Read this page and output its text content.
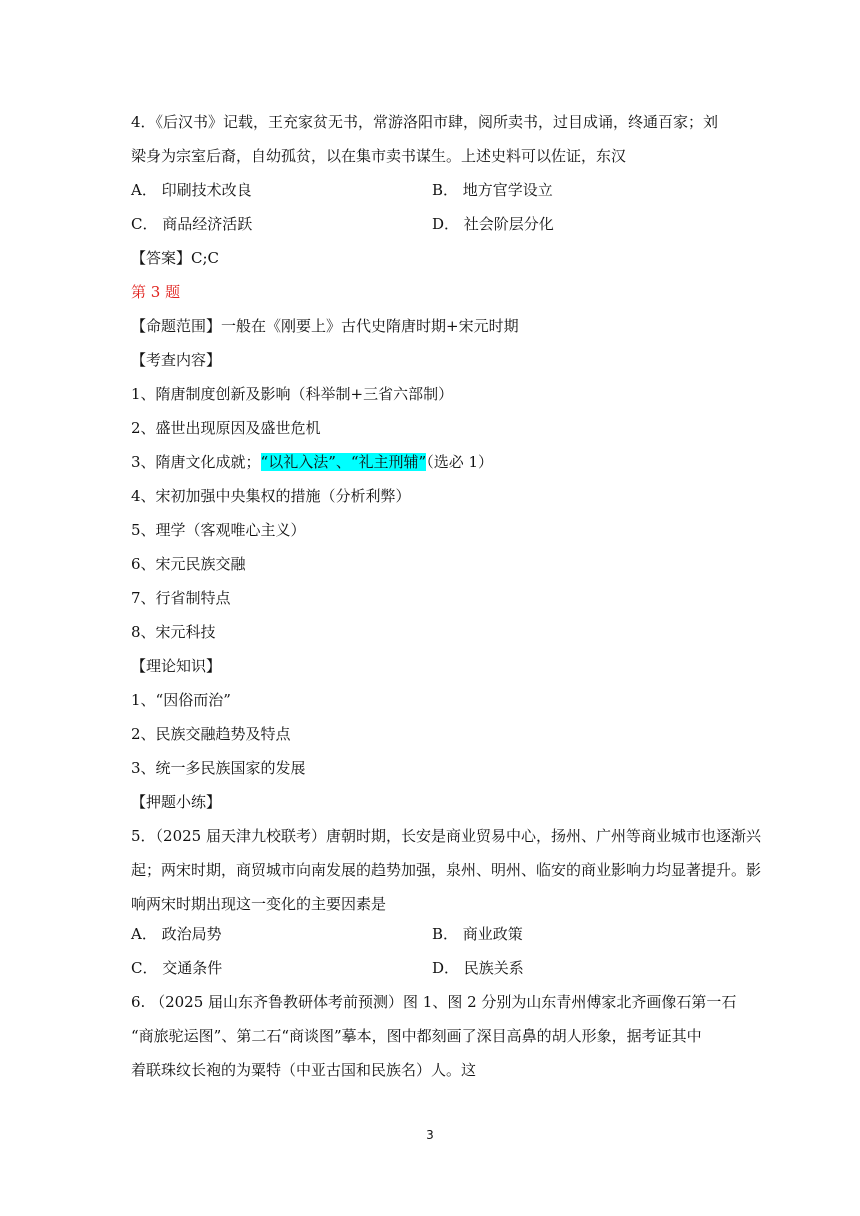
4．《后汉书》记载，王充家贫无书，常游洛阳市肆，阅所卖书，过目成诵，终通百家；刘
梁身为宗室后裔，自幼孤贫，以在集市卖书谋生。上述史料可以佐证，东汉
A． 印刷技术改良	B． 地方官学设立
C． 商品经济活跃	D． 社会阶层分化
【答案】C;C
第 3 题
【命题范围】一般在《刚要上》古代史隋唐时期+宋元时期
【考查内容】
1、隋唐制度创新及影响（科举制+三省六部制）
2、盛世出现原因及盛世危机
3、隋唐文化成就；“以礼入法”、“礼主刑辅”（选必 1）
4、宋初加强中央集权的措施（分析利弊）
5、理学（客观唯心主义）
6、宋元民族交融
7、行省制特点
8、宋元科技
【理论知识】
1、“因俗而治”
2、民族交融趋势及特点
3、统一多民族国家的发展
【押题小练】
5．（2025 届天津九校联考）唐朝时期，长安是商业贸易中心，扬州、广州等商业城市也逐渐兴
起；两宋时期，商贸城市向南发展的趋势加强，泉州、明州、临安的商业影响力均显著提升。影
响两宋时期出现这一变化的主要因素是
A． 政治局势	B． 商业政策
C． 交通条件	D． 民族关系
6. （2025 届山东齐鲁教研体考前预测）图 1、图 2 分别为山东青州傅家北齐画像石第一石
“商旅驼运图”、第二石“商谈图”摹本，图中都刻画了深目高鼻的胡人形象，据考证其中
着联珠纹长袍的为粟特（中亚古国和民族名）人。这
3
